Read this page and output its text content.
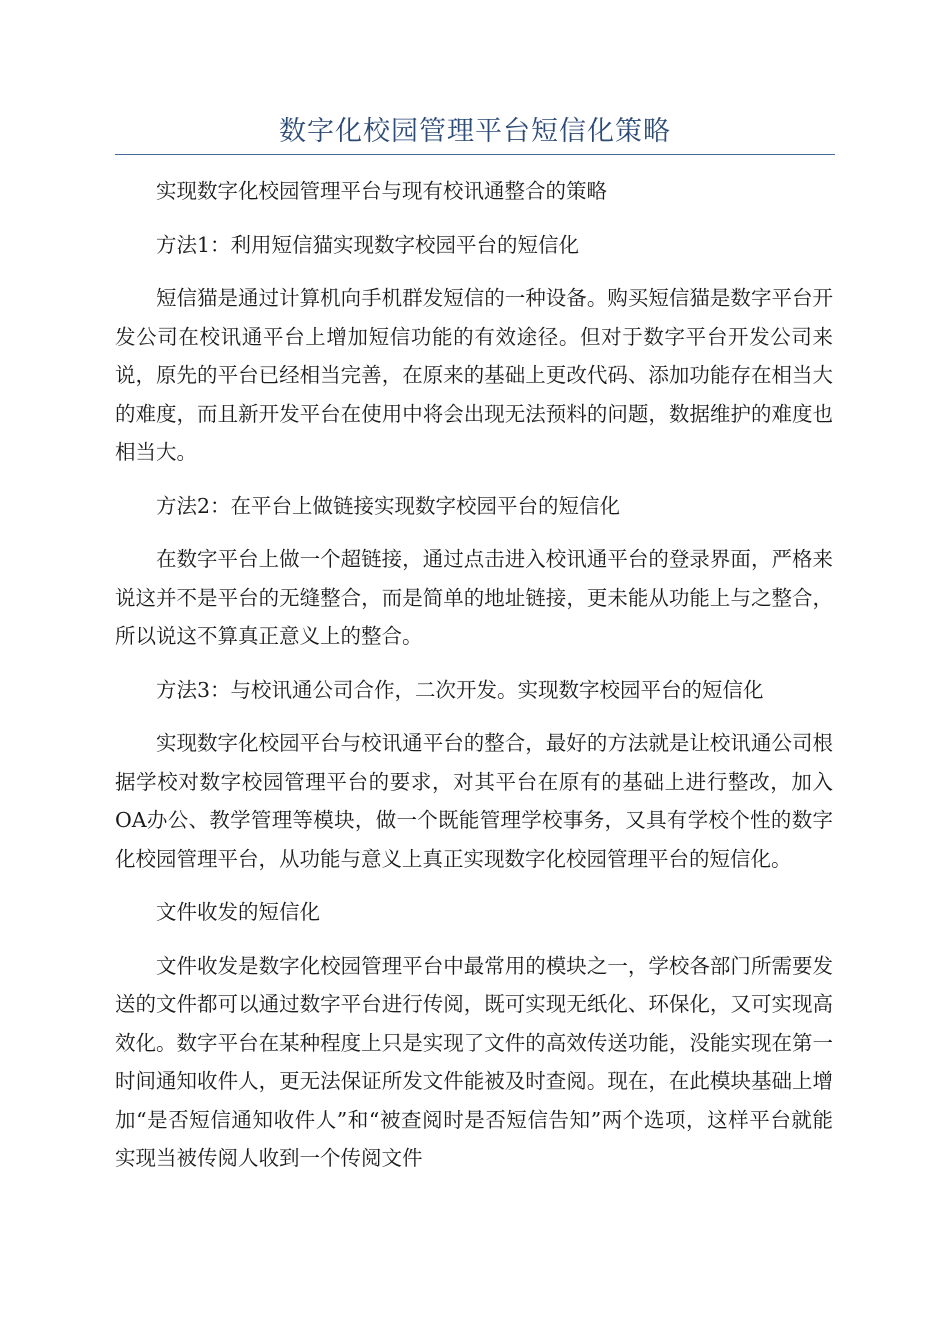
数字化校园管理平台短信化策略

实现数字化校园管理平台与现有校讯通整合的策略

方法1：利用短信猫实现数字校园平台的短信化

短信猫是通过计算机向手机群发短信的一种设备。购买短信猫是数字平台开发公司在校讯通平台上增加短信功能的有效途径。但对于数字平台开发公司来说，原先的平台已经相当完善，在原来的基础上更改代码、添加功能存在相当大的难度，而且新开发平台在使用中将会出现无法预料的问题，数据维护的难度也相当大。

方法2：在平台上做链接实现数字校园平台的短信化

在数字平台上做一个超链接，通过点击进入校讯通平台的登录界面，严格来说这并不是平台的无缝整合，而是简单的地址链接，更未能从功能上与之整合，所以说这不算真正意义上的整合。

方法3：与校讯通公司合作，二次开发。实现数字校园平台的短信化

实现数字化校园平台与校讯通平台的整合，最好的方法就是让校讯通公司根据学校对数字校园管理平台的要求，对其平台在原有的基础上进行整改，加入OA办公、教学管理等模块，做一个既能管理学校事务，又具有学校个性的数字化校园管理平台，从功能与意义上真正实现数字化校园管理平台的短信化。

文件收发的短信化

文件收发是数字化校园管理平台中最常用的模块之一，学校各部门所需要发送的文件都可以通过数字平台进行传阅，既可实现无纸化、环保化，又可实现高效化。数字平台在某种程度上只是实现了文件的高效传送功能，没能实现在第一时间通知收件人，更无法保证所发文件能被及时查阅。现在，在此模块基础上增加“是否短信通知收件人”和“被查阅时是否短信告知”两个选项，这样平台就能实现当被传阅人收到一个传阅文件
